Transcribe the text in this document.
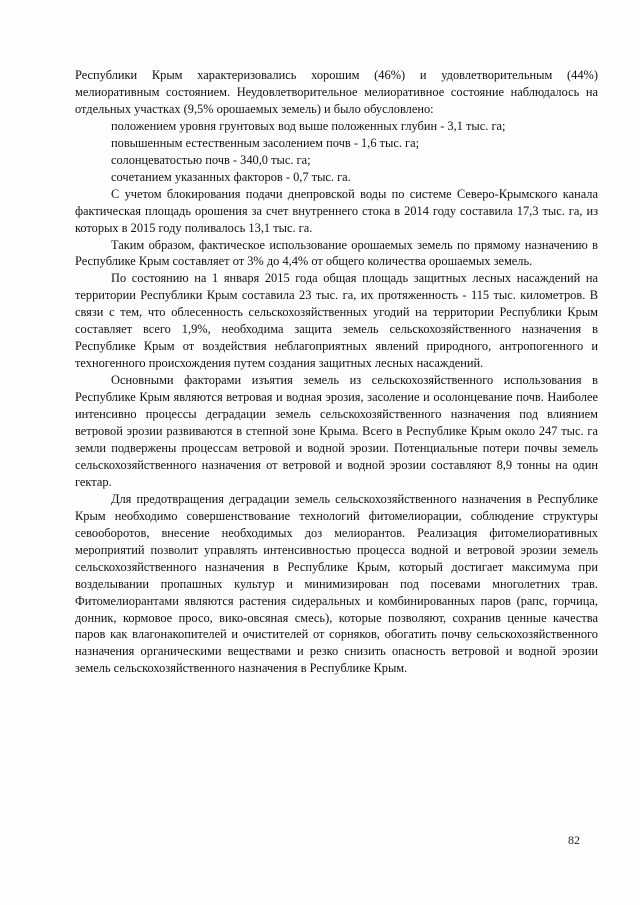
Республики Крым характеризовались хорошим (46%) и удовлетворительным (44%) мелиоративным состоянием. Неудовлетворительное мелиоративное состояние наблюдалось на отдельных участках (9,5% орошаемых земель) и было обусловлено:

положением уровня грунтовых вод выше положенных глубин - 3,1 тыс. га;

повышенным естественным засолением почв - 1,6 тыс. га;

солонцеватостью почв - 340,0 тыс. га;

сочетанием указанных факторов - 0,7 тыс. га.

С учетом блокирования подачи днепровской воды по системе Северо-Крымского канала фактическая площадь орошения за счет внутреннего стока в 2014 году составила 17,3 тыс. га, из которых в 2015 году поливалось 13,1 тыс. га.

Таким образом, фактическое использование орошаемых земель по прямому назначению в Республике Крым составляет от 3% до 4,4% от общего количества орошаемых земель.

По состоянию на 1 января 2015 года общая площадь защитных лесных насаждений на территории Республики Крым составила 23 тыс. га, их протяженность - 115 тыс. километров. В связи с тем, что облесенность сельскохозяйственных угодий на территории Республики Крым составляет всего 1,9%, необходима защита земель сельскохозяйственного назначения в Республике Крым от воздействия неблагоприятных явлений природного, антропогенного и техногенного происхождения путем создания защитных лесных насаждений.

Основными факторами изъятия земель из сельскохозяйственного использования в Республике Крым являются ветровая и водная эрозия, засоление и осолонцевание почв. Наиболее интенсивно процессы деградации земель сельскохозяйственного назначения под влиянием ветровой эрозии развиваются в степной зоне Крыма. Всего в Республике Крым около 247 тыс. га земли подвержены процессам ветровой и водной эрозии. Потенциальные потери почвы земель сельскохозяйственного назначения от ветровой и водной эрозии составляют 8,9 тонны на один гектар.

Для предотвращения деградации земель сельскохозяйственного назначения в Республике Крым необходимо совершенствование технологий фитомелиорации, соблюдение структуры севооборотов, внесение необходимых доз мелиорантов. Реализация фитомелиоративных мероприятий позволит управлять интенсивностью процесса водной и ветровой эрозии земель сельскохозяйственного назначения в Республике Крым, который достигает максимума при возделывании пропашных культур и минимизирован под посевами многолетних трав. Фитомелиорантами являются растения сидеральных и комбинированных паров (рапс, горчица, донник, кормовое просо, вико-овсяная смесь), которые позволяют, сохранив ценные качества паров как влагонакопителей и очистителей от сорняков, обогатить почву сельскохозяйственного назначения органическими веществами и резко снизить опасность ветровой и водной эрозии земель сельскохозяйственного назначения в Республике Крым.

82
